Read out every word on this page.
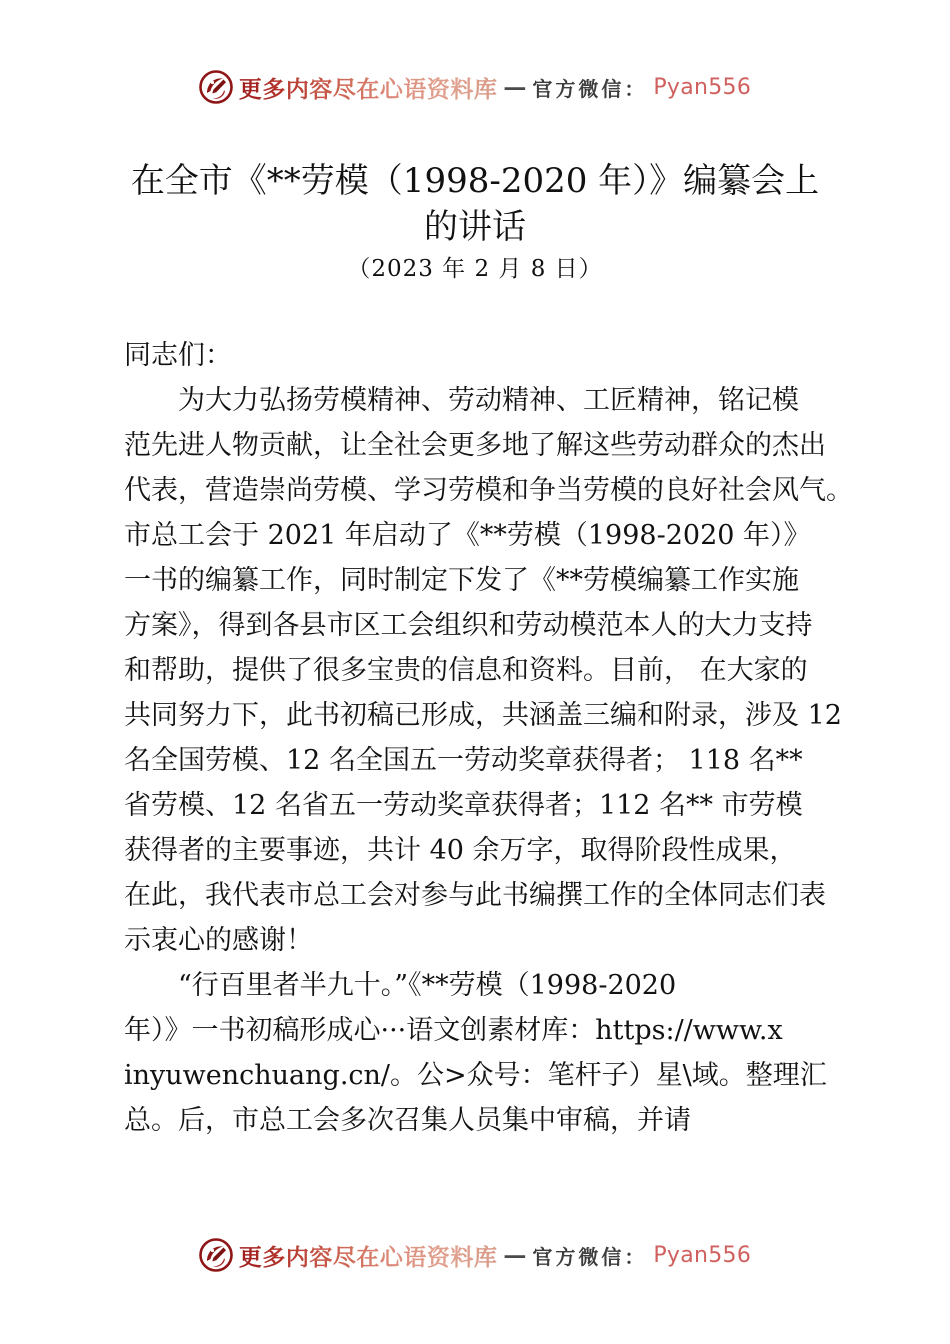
更多内容尽在心语资料库 — 官方微信： Pyan556
在全市《**劳模（1998-2020 年）》编纂会上
的讲话
（2023 年 2 月 8 日）
同志们：
　　为大力弘扬劳模精神、劳动精神、工匠精神，铭记模
范先进人物贡献，让全社会更多地了解这些劳动群众的杰出
代表，营造崇尚劳模、学习劳模和争当劳模的良好社会风气。
市总工会于 2021 年启动了《**劳模（1998-2020 年）》
一书的编纂工作，同时制定下发了《**劳模编纂工作实施
方案》，得到各县市区工会组织和劳动模范本人的大力支持
和帮助，提供了很多宝贵的信息和资料。目前， 在大家的
共同努力下，此书初稿已形成，共涵盖三编和附录，涉及 12
名全国劳模、12 名全国五一劳动奖章获得者； 118 名**
省劳模、12 名省五一劳动奖章获得者；112 名** 市劳模
获得者的主要事迹，共计 40 余万字，取得阶段性成果，
在此，我代表市总工会对参与此书编撰工作的全体同志们表
示衷心的感谢！
　　“行百里者半九十。”《**劳模（1998-2020
年）》一书初稿形成心···语文创素材库：https://www.x
inyuwenchuang.cn/。公>众号：笔杆子）星\域。整理汇
总。后，市总工会多次召集人员集中审稿，并请
更多内容尽在心语资料库 — 官方微信： Pyan556
